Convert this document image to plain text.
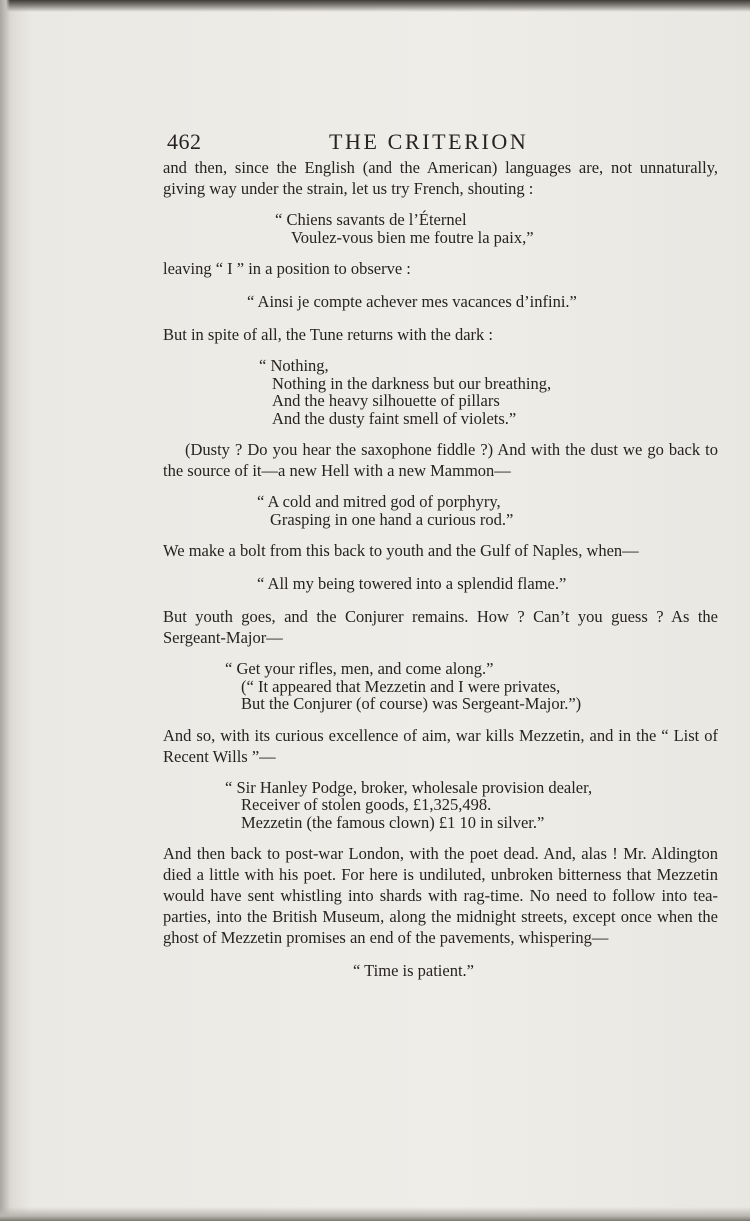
462	THE CRITERION

and then, since the English (and the American) languages are, not unnaturally, giving way under the strain, let us try French, shouting :

“ Chiens savants de l’Éternel
Voulez-vous bien me foutre la paix,”

leaving “ I ” in a position to observe :

“ Ainsi je compte achever mes vacances d’infini.”

But in spite of all, the Tune returns with the dark :

“ Nothing,
Nothing in the darkness but our breathing,
And the heavy silhouette of pillars
And the dusty faint smell of violets.”

(Dusty ? Do you hear the saxophone fiddle ?) And with the dust we go back to the source of it—a new Hell with a new Mammon—

“ A cold and mitred god of porphyry,
Grasping in one hand a curious rod.”

We make a bolt from this back to youth and the Gulf of Naples, when—

“ All my being towered into a splendid flame.”

But youth goes, and the Conjurer remains. How ? Can’t you guess ? As the Sergeant-Major—

“ Get your rifles, men, and come along.”
(“ It appeared that Mezzetin and I were privates,
But the Conjurer (of course) was Sergeant-Major.”)

And so, with its curious excellence of aim, war kills Mezzetin, and in the “ List of Recent Wills ”—

“ Sir Hanley Podge, broker, wholesale provision dealer,
Receiver of stolen goods, £1,325,498.
Mezzetin (the famous clown) £1 10 in silver.”

And then back to post-war London, with the poet dead. And, alas ! Mr. Aldington died a little with his poet. For here is undiluted, unbroken bitterness that Mezzetin would have sent whistling into shards with rag-time. No need to follow into tea-parties, into the British Museum, along the midnight streets, except once when the ghost of Mezzetin promises an end of the pavements, whispering—

“ Time is patient.”
